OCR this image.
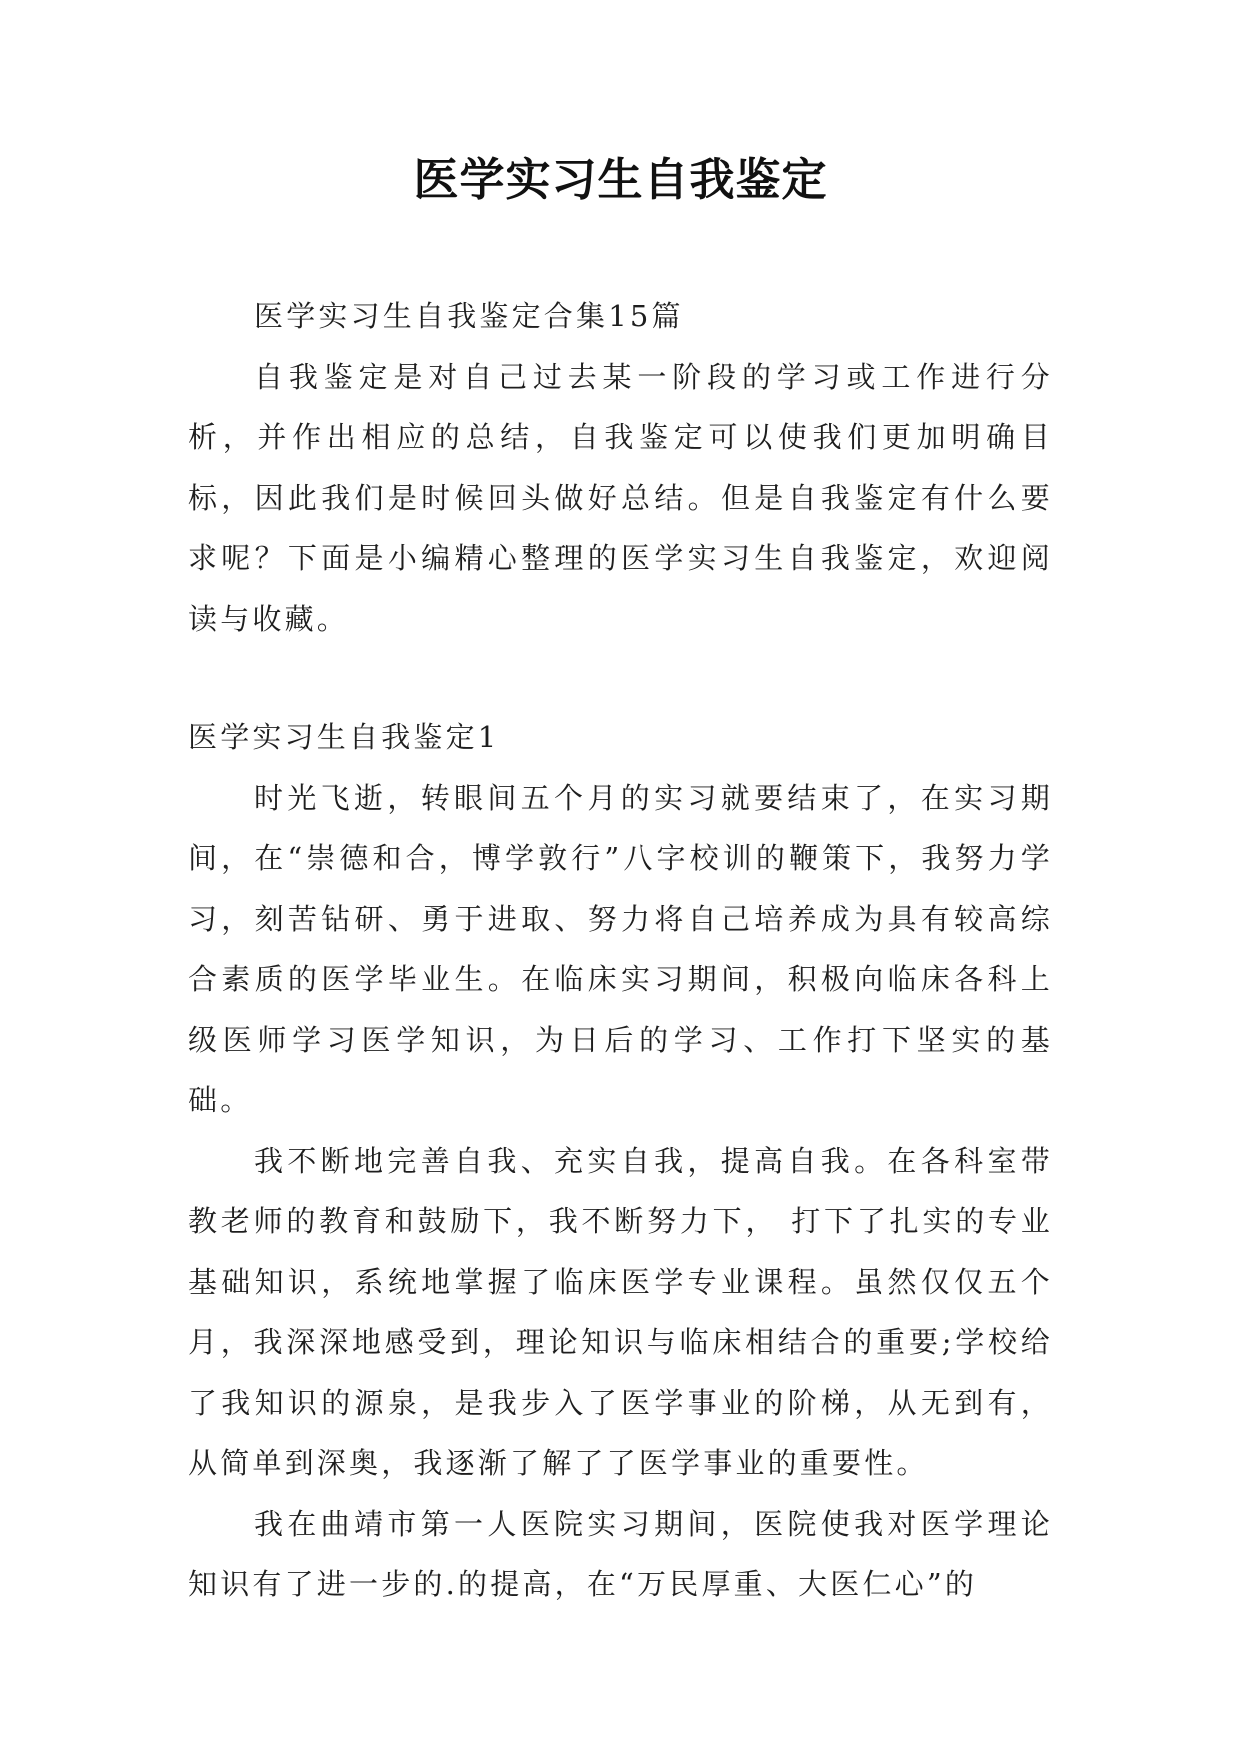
医学实习生自我鉴定

医学实习生自我鉴定合集15篇

自我鉴定是对自己过去某一阶段的学习或工作进行分析，并作出相应的总结，自我鉴定可以使我们更加明确目标，因此我们是时候回头做好总结。但是自我鉴定有什么要求呢？下面是小编精心整理的医学实习生自我鉴定，欢迎阅读与收藏。

医学实习生自我鉴定1

时光飞逝，转眼间五个月的实习就要结束了，在实习期间，在“崇德和合，博学敦行”八字校训的鞭策下，我努力学习，刻苦钻研、勇于进取、努力将自己培养成为具有较高综合素质的医学毕业生。在临床实习期间，积极向临床各科上级医师学习医学知识，为日后的学习、工作打下坚实的基础。

我不断地完善自我、充实自我，提高自我。在各科室带教老师的教育和鼓励下，我不断努力下， 打下了扎实的专业基础知识，系统地掌握了临床医学专业课程。虽然仅仅五个月，我深深地感受到，理论知识与临床相结合的重要;学校给了我知识的源泉，是我步入了医学事业的阶梯，从无到有，从简单到深奥，我逐渐了解了了医学事业的重要性。

我在曲靖市第一人医院实习期间，医院使我对医学理论知识有了进一步的.的提高，在“万民厚重、大医仁心”的
